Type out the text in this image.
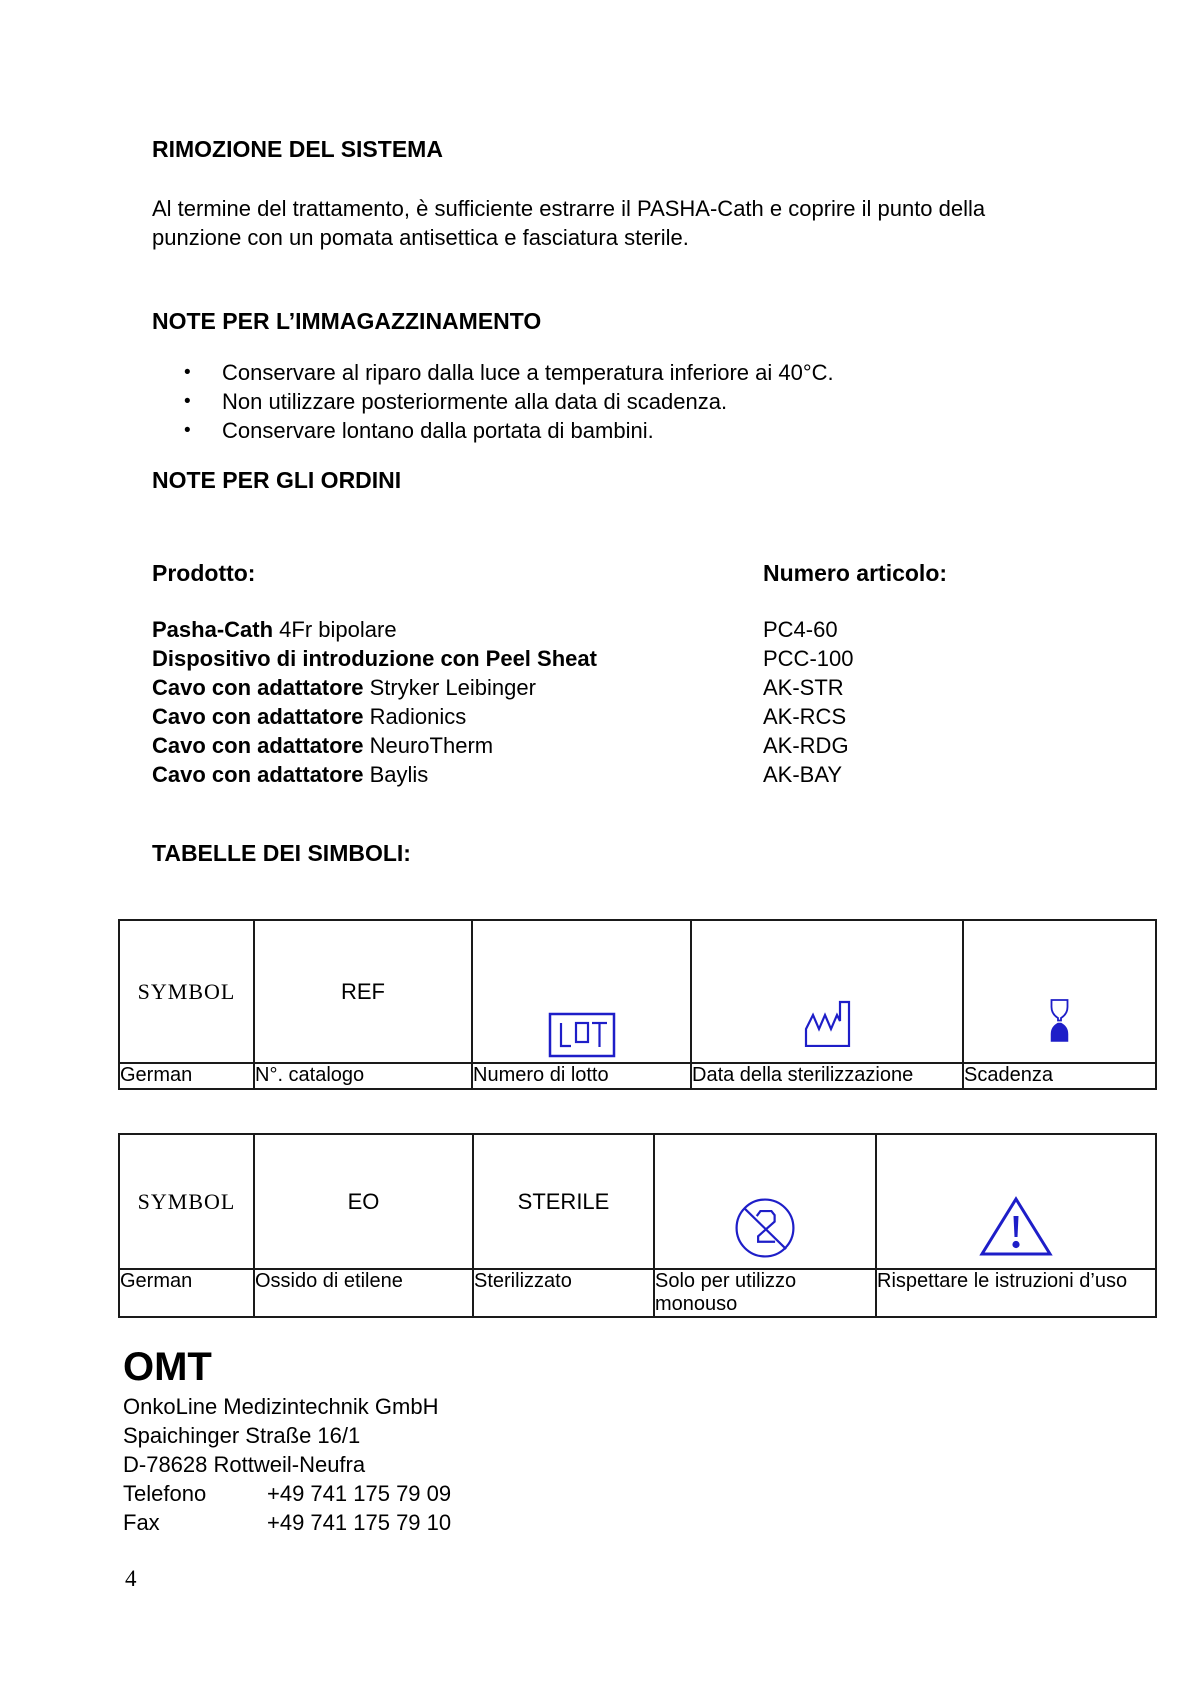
RIMOZIONE DEL SISTEMA
Al termine del trattamento, è sufficiente estrarre il PASHA-Cath e coprire il punto della
punzione con un pomata antisettica e fasciatura sterile.
NOTE PER L’IMMAGAZZINAMENTO
•	Conservare al riparo dalla luce a temperatura inferiore ai 40°C.
•	Non utilizzare posteriormente alla data di scadenza.
•	Conservare lontano dalla portata di bambini.
NOTE PER GLI ORDINI
Prodotto:	Numero articolo:
Pasha-Cath 4Fr bipolare	PC4-60
Dispositivo di introduzione con Peel Sheat	PCC-100
Cavo con adattatore Stryker Leibinger	AK-STR
Cavo con adattatore Radionics	AK-RCS
Cavo con adattatore NeuroTherm	AK-RDG
Cavo con adattatore Baylis	AK-BAY
TABELLE DEI SIMBOLI:
SYMBOL	REF

German	N°. catalogo	Numero di lotto	Data della sterilizzazione	Scadenza
SYMBOL	EO	STERILE

German	Ossido di etilene	Sterilizzato	Solo per utilizzo monouso	Rispettare le istruzioni d’uso
OMT
OnkoLine Medizintechnik GmbH
Spaichinger Straße 16/1
D-78628 Rottweil-Neufra
Telefono	+49 741 175 79 09
Fax	+49 741 175 79 10
4
